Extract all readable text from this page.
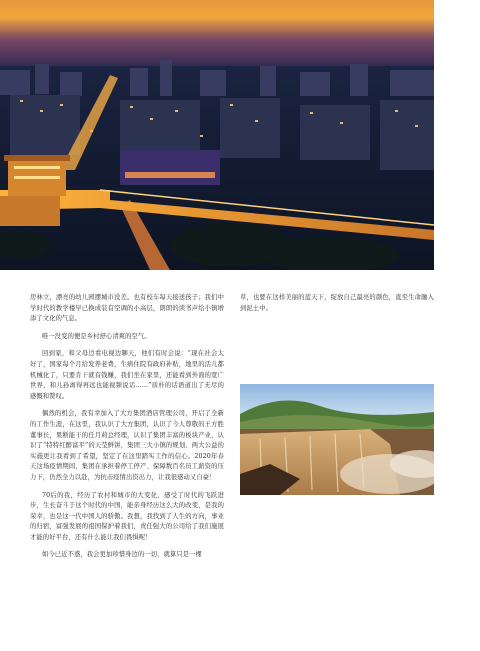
房林立，漂亮的幼儿园摆城市没差。也有校车每天接送孩子；我们中学时代的教学楼早已换成装有空调的小高层，朗朗的读书声给小镇增添了文化的气息。

唯一没变的便是乡村舒心清爽的空气。

回到家，和父母边看电视边聊天，他们有时会说：“现在社会太好了，国家每个月给发养老费，生病住院有政府补贴，地里的活儿都机械化了，只要肯干就有钱赚，我们坐在家里，还能看到外面的宽广世界，和儿孙离得再远也能视频说话……”质朴的话语道出了无尽的感慨和赞叹。

偶然的机会，我有幸加入了大方集团酒店管理公司，开启了全新的工作生涯，在这里，我认识了大方集团，认识了今人尊敬的王方胜董事长，果断能干的任月莉总经理，认识了集团丰富的板块产业，认识了“特特红醉富平”的天莹鲜饼，集团三大小镇的规划、两大公益的实施更让我看到了希望，坚定了在这里踏实工作的信心。2020年春天这场疫情期间，集团在承担着停工停产、保障数百名员工薪资的压力下，仍然全力以赴，为抗击疫情出资出力，让我很感动又自豪！

70后的我，经历了农村和城市的大变化，感受了时代的飞跃进步，生长奋斗于这个时代的中国，能亲身经历这么大的改变，是我的荣幸，也是这一代中国人的骄傲。我想，我找到了人生的方向，事业的归宿，富强发展的祖国保护着我们，责任强大的公司给了我们施展才能的好平台，还有什么能让我们畏惧呢！

如今已近不惑，我会更加珍惜身边的一切，就算只是一棵

草，也要在这样美丽的蓝天下，绽放自己最亮的颜色，直至生命融入到泥土中。
